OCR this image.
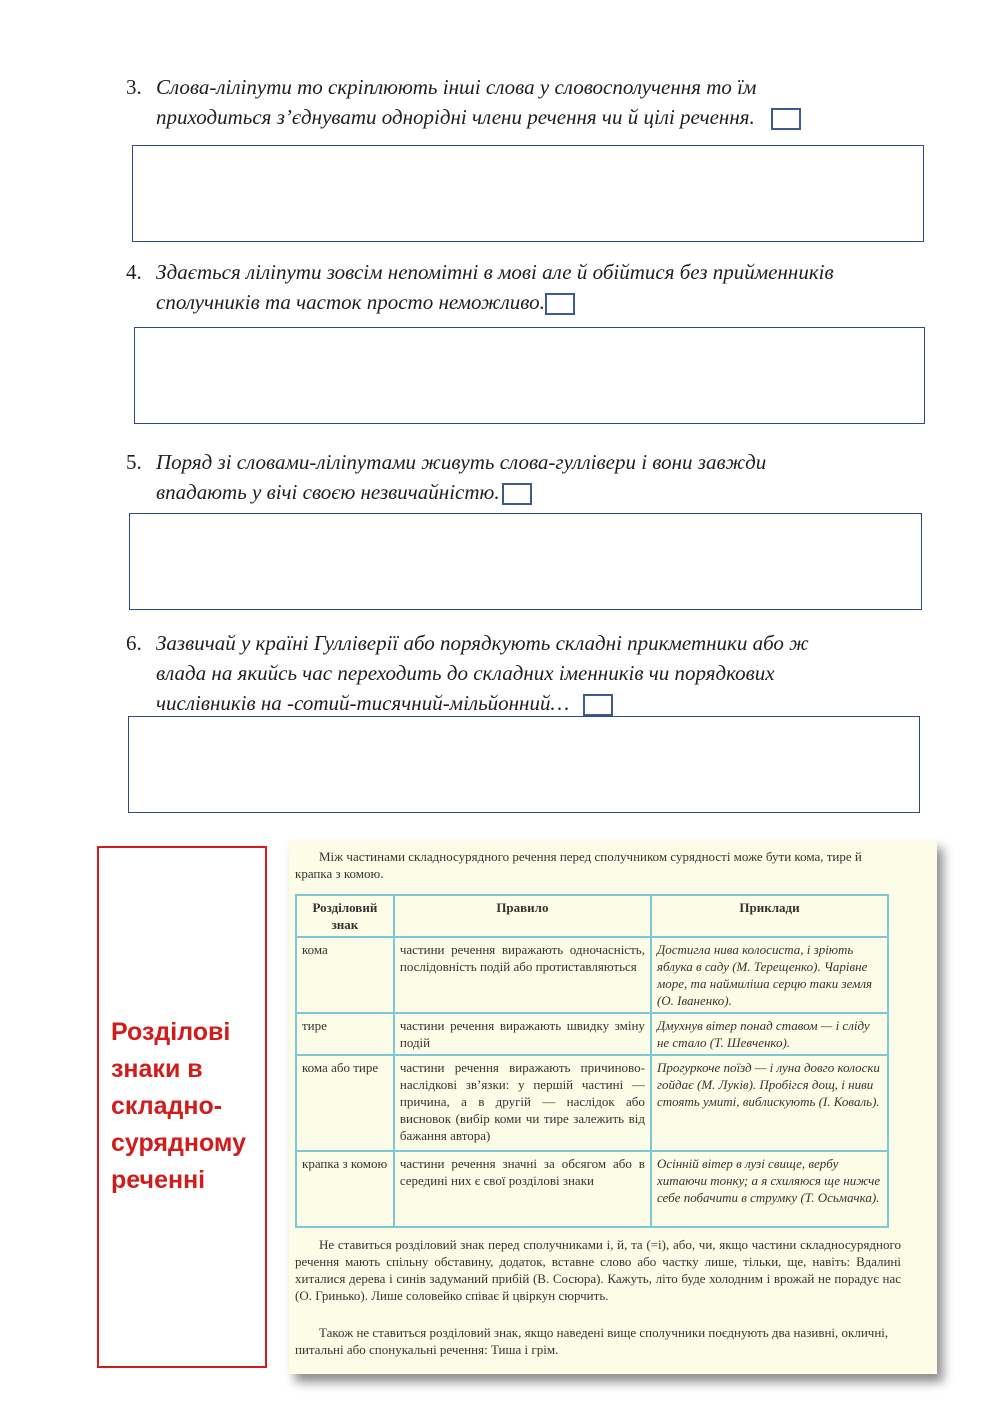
3. Слова-ліліпути то скріплюють інші слова у словосполучення то їм
приходиться з’єднувати однорідні члени речення чи й цілі речення.
4. Здається ліліпути зовсім непомітні в мові але й обійтися без прийменників
сполучників та часток просто неможливо.
5. Поряд зі словами-ліліпутами живуть слова-гуллівери і вони завжди
впадають у вічі своєю незвичайністю.
6. Зазвичай у країні Гуллiверії або порядкують складні прикметники або ж
влада на якийсь час переходить до складних іменників чи порядкових
числівників на -сотий-тисячний-мільйонний…
Розділові знаки в складно-сурядному реченні

Між частинами складносурядного речення перед сполучником сурядності може бути кома, тире й крапка з комою.

Розділовий знак	Правило	Приклади
кома	частини речення виражають одночасність, послідовність подій або протиставляються	Достигла нива колосиста, і зріють яблука в саду (М. Терещенко). Чарівне море, та наймиліша серцю таки земля (О. Іваненко).
тире	частини речення виражають швидку зміну подій	Дмухнув вітер понад ставом — і сліду не стало (Т. Шевченко).
кома або тире	частини речення виражають причиново-наслідкові зв’язки: у першій частині — причина, а в другій — наслідок або висновок (вибір коми чи тире залежить від бажання автора)	Прогуркоче поїзд — і луна довго колоски гойдає (М. Луків). Пробігся дощ, і ниви стоять умиті, виблискують (І. Коваль).
крапка з комою	частини речення значні за обсягом або в середині них є свої розділові знаки	Осінній вітер в лузі свище, вербу хитаючи тонку; а я схиляюся ще нижче себе побачити в струмку (Т. Осьмачка).

Не ставиться розділовий знак перед сполучниками і, й, та (=і), або, чи, якщо частини складносурядного речення мають спільну обставину, додаток, вставне слово або частку лише, тільки, ще, навіть: Вдалині хиталися дерева і синів задуманий прибій (В. Сосюра). Кажуть, літо буде холодним і врожай не порадує нас (О. Гринько). Лише соловейко співає й цвіркун сюрчить.

Також не ставиться розділовий знак, якщо наведені вище сполучники поєднують два називні, окличні, питальні або спонукальні речення: Тиша і грім.
